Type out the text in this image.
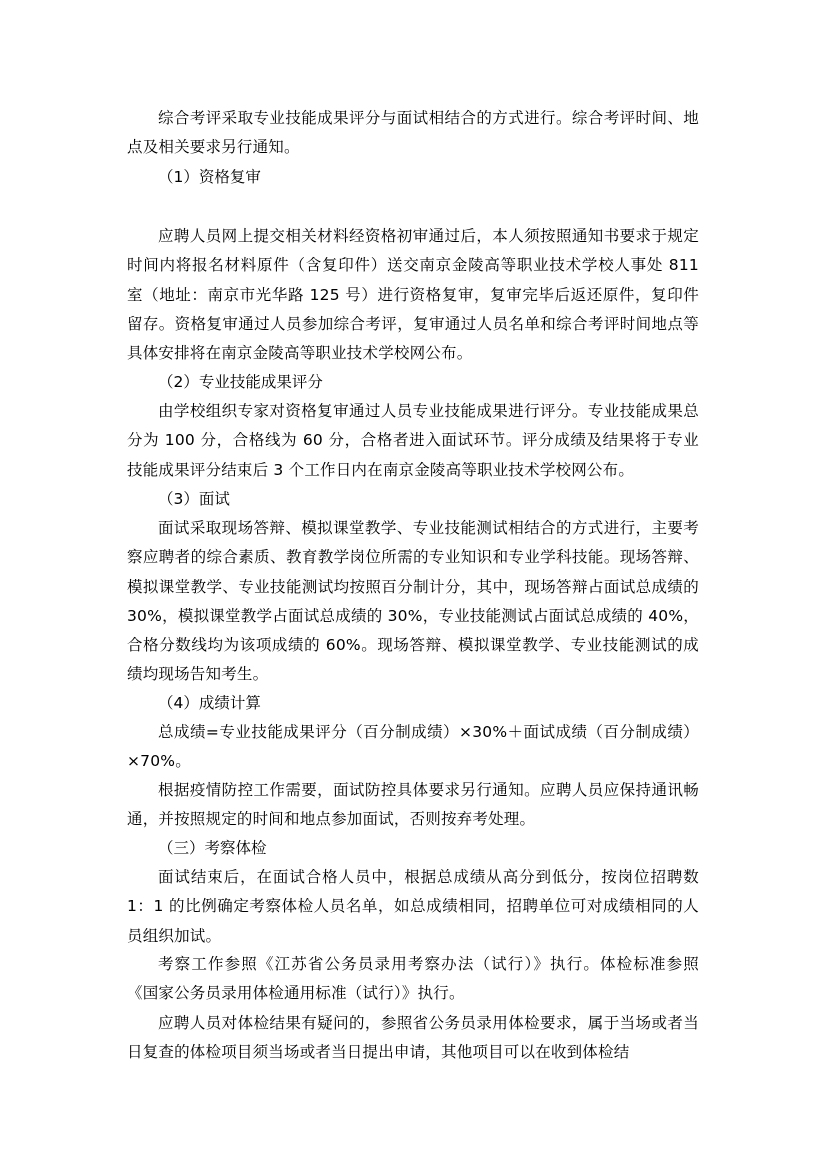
综合考评采取专业技能成果评分与面试相结合的方式进行。综合考评时间、地点及相关要求另行通知。

（1）资格复审

应聘人员网上提交相关材料经资格初审通过后，本人须按照通知书要求于规定时间内将报名材料原件（含复印件）送交南京金陵高等职业技术学校人事处 811 室（地址：南京市光华路 125 号）进行资格复审，复审完毕后返还原件，复印件留存。资格复审通过人员参加综合考评，复审通过人员名单和综合考评时间地点等具体安排将在南京金陵高等职业技术学校网公布。

（2）专业技能成果评分

由学校组织专家对资格复审通过人员专业技能成果进行评分。专业技能成果总分为 100 分，合格线为 60 分，合格者进入面试环节。评分成绩及结果将于专业技能成果评分结束后 3 个工作日内在南京金陵高等职业技术学校网公布。

（3）面试

面试采取现场答辩、模拟课堂教学、专业技能测试相结合的方式进行，主要考察应聘者的综合素质、教育教学岗位所需的专业知识和专业学科技能。现场答辩、模拟课堂教学、专业技能测试均按照百分制计分，其中，现场答辩占面试总成绩的 30%，模拟课堂教学占面试总成绩的 30%，专业技能测试占面试总成绩的 40%，合格分数线均为该项成绩的 60%。现场答辩、模拟课堂教学、专业技能测试的成绩均现场告知考生。

（4）成绩计算

总成绩=专业技能成果评分（百分制成绩）×30%＋面试成绩（百分制成绩）×70%。

根据疫情防控工作需要，面试防控具体要求另行通知。应聘人员应保持通讯畅通，并按照规定的时间和地点参加面试，否则按弃考处理。

（三）考察体检

面试结束后，在面试合格人员中，根据总成绩从高分到低分，按岗位招聘数 1：1 的比例确定考察体检人员名单，如总成绩相同，招聘单位可对成绩相同的人员组织加试。

考察工作参照《江苏省公务员录用考察办法（试行）》执行。体检标准参照《国家公务员录用体检通用标准（试行）》执行。

应聘人员对体检结果有疑问的，参照省公务员录用体检要求，属于当场或者当日复查的体检项目须当场或者当日提出申请，其他项目可以在收到体检结
